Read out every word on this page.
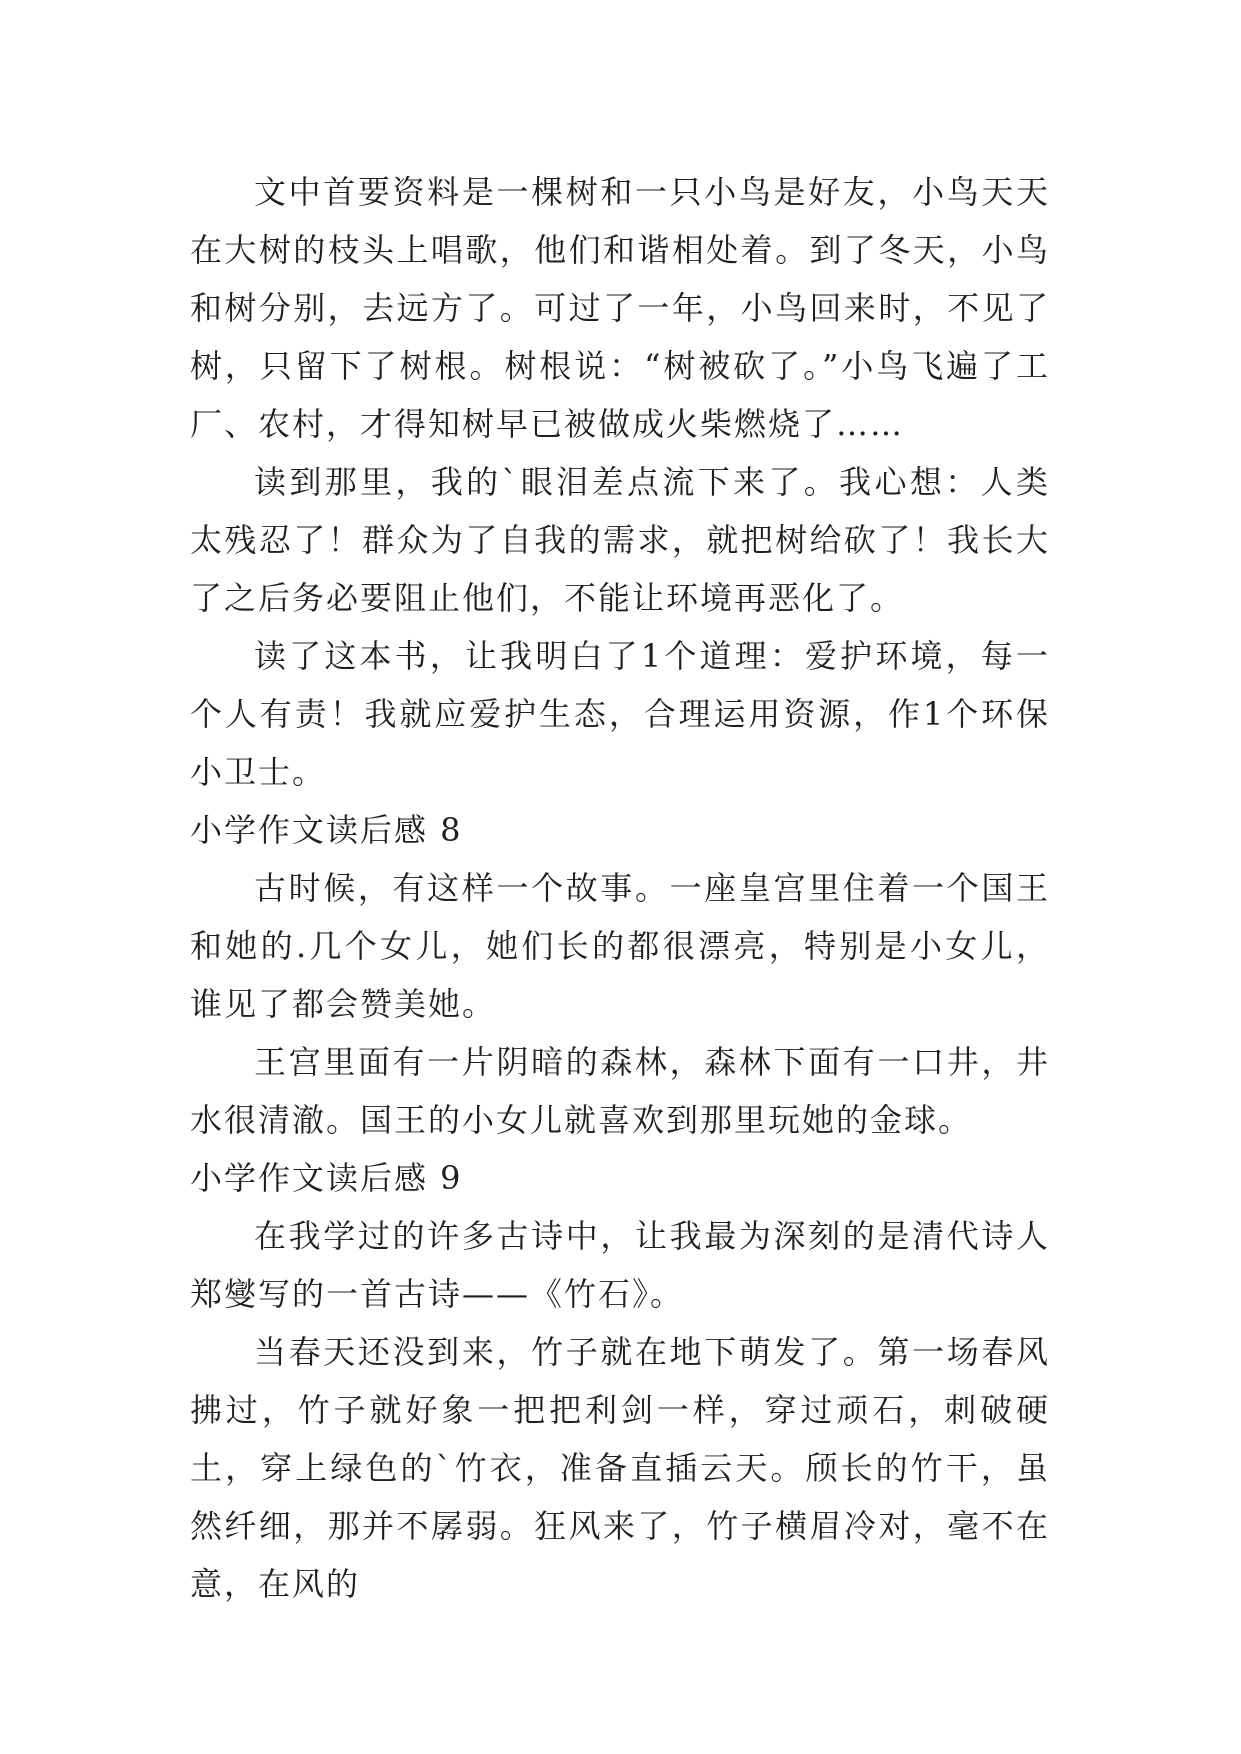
文中首要资料是一棵树和一只小鸟是好友，小鸟天天在大树的枝头上唱歌，他们和谐相处着。到了冬天，小鸟和树分别，去远方了。可过了一年，小鸟回来时，不见了树，只留下了树根。树根说：“树被砍了。”小鸟飞遍了工厂、农村，才得知树早已被做成火柴燃烧了……

读到那里，我的`眼泪差点流下来了。我心想：人类太残忍了！群众为了自我的需求，就把树给砍了！我长大了之后务必要阻止他们，不能让环境再恶化了。

读了这本书，让我明白了1个道理：爱护环境，每一个人有责！我就应爱护生态，合理运用资源，作1个环保小卫士。

小学作文读后感 8

古时候，有这样一个故事。一座皇宫里住着一个国王和她的.几个女儿，她们长的都很漂亮，特别是小女儿，谁见了都会赞美她。

王宫里面有一片阴暗的森林，森林下面有一口井，井水很清澈。国王的小女儿就喜欢到那里玩她的金球。

小学作文读后感 9

在我学过的许多古诗中，让我最为深刻的是清代诗人郑燮写的一首古诗——《竹石》。

当春天还没到来，竹子就在地下萌发了。第一场春风拂过，竹子就好象一把把利剑一样，穿过顽石，刺破硬土，穿上绿色的`竹衣，准备直插云天。颀长的竹干，虽然纤细，那并不孱弱。狂风来了，竹子横眉冷对，毫不在意，在风的
